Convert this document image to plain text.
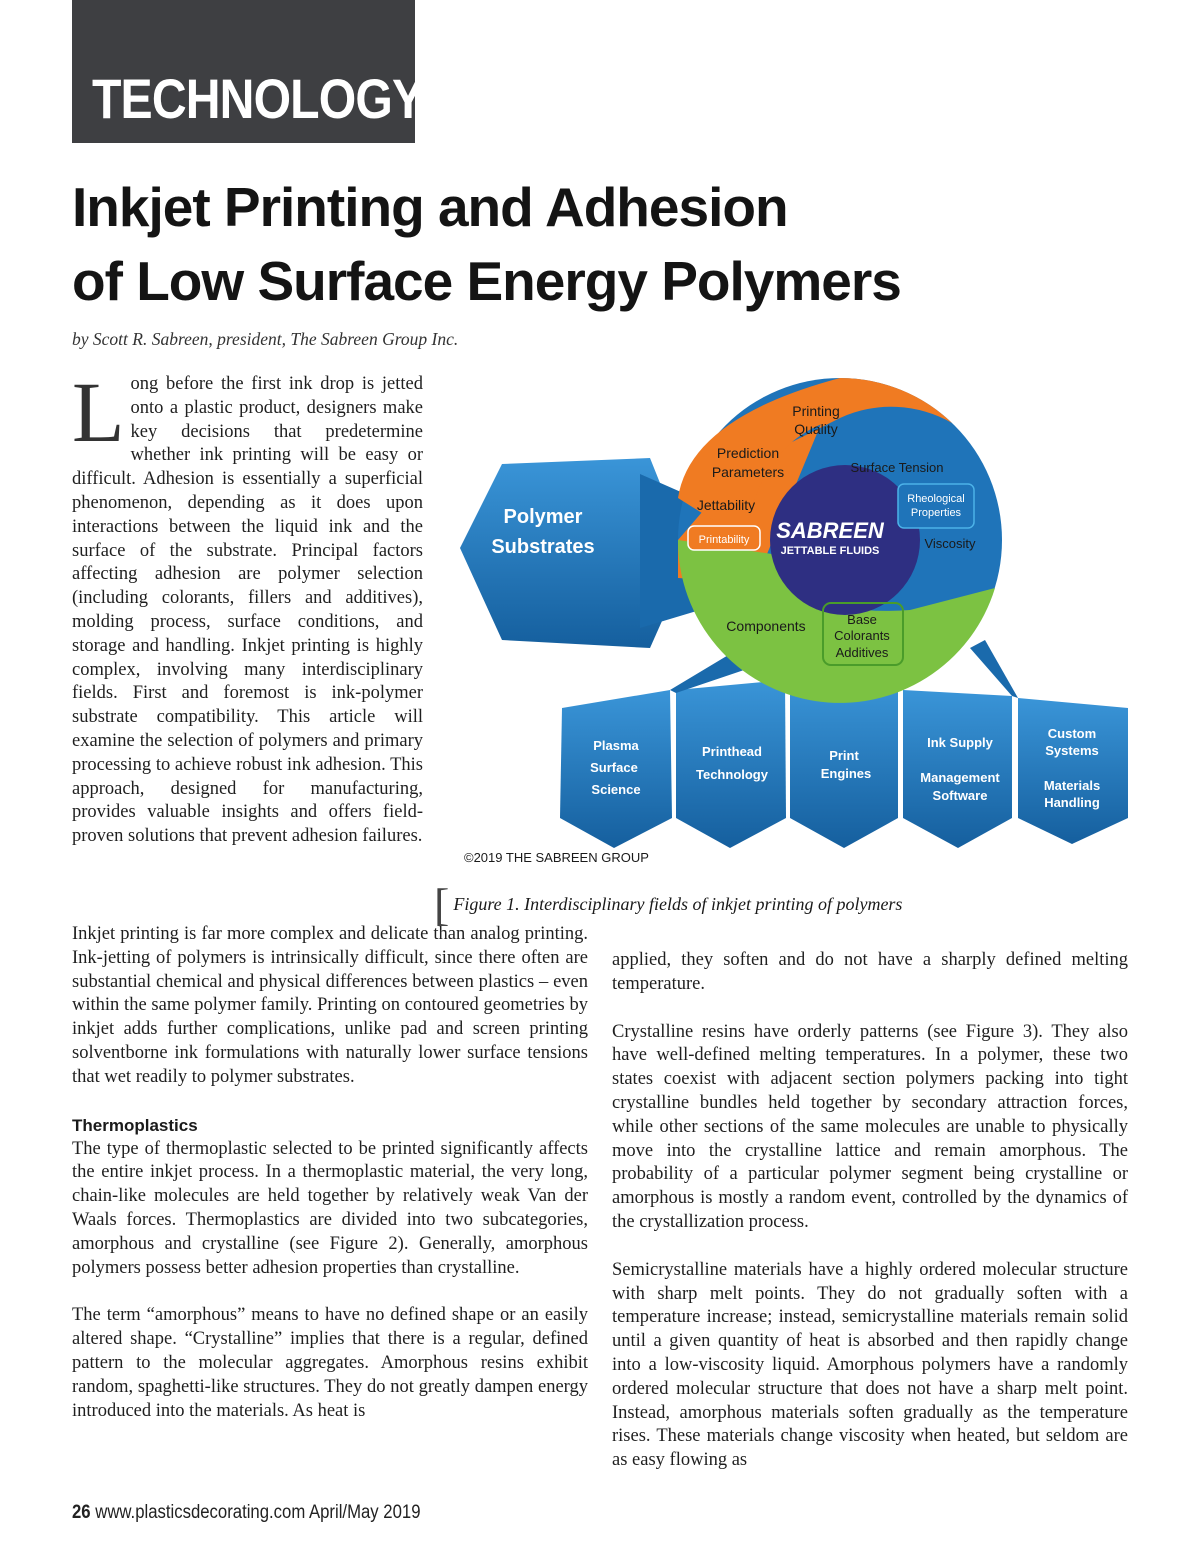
TECHNOLOGY
Inkjet Printing and Adhesion
of Low Surface Energy Polymers
by Scott R. Sabreen, president, The Sabreen Group Inc.

Long before the first ink drop is jetted onto a plastic product, designers make key decisions that predetermine whether ink printing will be easy or difficult. Adhesion is essentially a superficial phenomenon, depending as it does upon interactions between the liquid ink and the surface of the substrate. Principal factors affecting adhesion are polymer selection (including colorants, fillers and additives), molding process, surface conditions, and storage and handling. Inkjet printing is highly complex, involving many interdisciplinary fields. First and foremost is ink-polymer substrate compatibility. This article will examine the selection of polymers and primary processing to achieve robust ink adhesion. This approach, designed for manufacturing, provides valuable insights and offers field-proven solutions that prevent adhesion failures.

Inkjet printing is far more complex and delicate than analog printing. Ink-jetting of polymers is intrinsically difficult, since there often are substantial chemical and physical differences between plastics – even within the same polymer family. Printing on contoured geometries by inkjet adds further complications, unlike pad and screen printing solventborne ink formulations with naturally lower surface tensions that wet readily to polymer substrates.

Thermoplastics

The type of thermoplastic selected to be printed significantly affects the entire inkjet process. In a thermoplastic material, the very long, chain-like molecules are held together by relatively weak Van der Waals forces. Thermoplastics are divided into two subcategories, amorphous and crystalline (see Figure 2). Generally, amorphous polymers possess better adhesion properties than crystalline.

The term “amorphous” means to have no defined shape or an easily altered shape. “Crystalline” implies that there is a regular, defined pattern to the molecular aggregates. Amorphous resins exhibit random, spaghetti-like structures. They do not greatly dampen energy introduced into the materials. As heat is

applied, they soften and do not have a sharply defined melting temperature.

Crystalline resins have orderly patterns (see Figure 3). They also have well-defined melting temperatures. In a polymer, these two states coexist with adjacent section polymers packing into tight crystalline bundles held together by secondary attraction forces, while other sections of the same molecules are unable to physically move into the crystalline lattice and remain amorphous. The probability of a particular polymer segment being crystalline or amorphous is mostly a random event, controlled by the dynamics of the crystallization process.

Semicrystalline materials have a highly ordered molecular structure with sharp melt points. They do not gradually soften with a temperature increase; instead, semicrystalline materials remain solid until a given quantity of heat is absorbed and then rapidly change into a low-viscosity liquid. Amorphous polymers have a randomly ordered molecular structure that does not have a sharp melt point. Instead, amorphous materials soften gradually as the temperature rises. These materials change viscosity when heated, but seldom are as easy flowing as

Polymer
Substrates
Printing
Quality
Prediction
Parameters	Surface Tension
Rheological
Properties
Jettability
Printability	Viscosity
SABREEN
JETTABLE FLUIDS
Components	Base
Colorants
Additives
Plasma
Surface
Science
Printhead
Technology
Print
Engines
Ink Supply
Management
Software
Custom
Systems
Materials
Handling
©2019 THE SABREEN GROUP
[ Figure 1. Interdisciplinary fields of inkjet printing of polymers
26 www.plasticsdecorating.com April/May 2019
